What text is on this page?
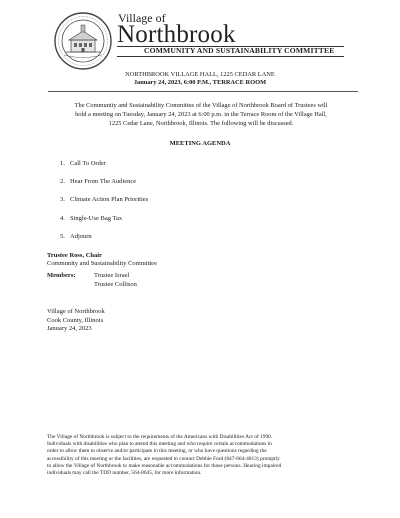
Village of
Northbrook
COMMUNITY AND SUSTAINABILITY COMMITTEE
NORTHBROOK VILLAGE HALL, 1225 CEDAR LANE
January 24, 2023, 6:00 P.M., TERRACE ROOM
The Community and Sustainability Committee of the Village of Northbrook Board of Trustees will
hold a meeting on Tuesday, January 24, 2023 at 6:00 p.m. in the Terrace Room of the Village Hall,
1225 Cedar Lane, Northbrook, Illinois. The following will be discussed.
MEETING AGENDA
1. Call To Order
2. Hear From The Audience
3. Climate Action Plan Priorities
4. Single-Use Bag Tax
5. Adjourn
Trustee Ross, Chair
Community and Sustainability Committee
Members:	Trustee Israel
Trustee Collison
Village of Northbrook
Cook County, Illinois
January 24, 2023
The Village of Northbrook is subject to the requirements of the Americans with Disabilities Act of 1990.
Individuals with disabilities who plan to attend this meeting and who require certain accommodations in
order to allow them to observe and/or participate in this meeting, or who have questions regarding the
accessibility of this meeting or the facilities, are requested to contact Debbie Ford (847-664-4013) promptly
to allow the Village of Northbrook to make reasonable accommodations for those persons. Hearing impaired
individuals may call the TDD number, 564-8645, for more information.
